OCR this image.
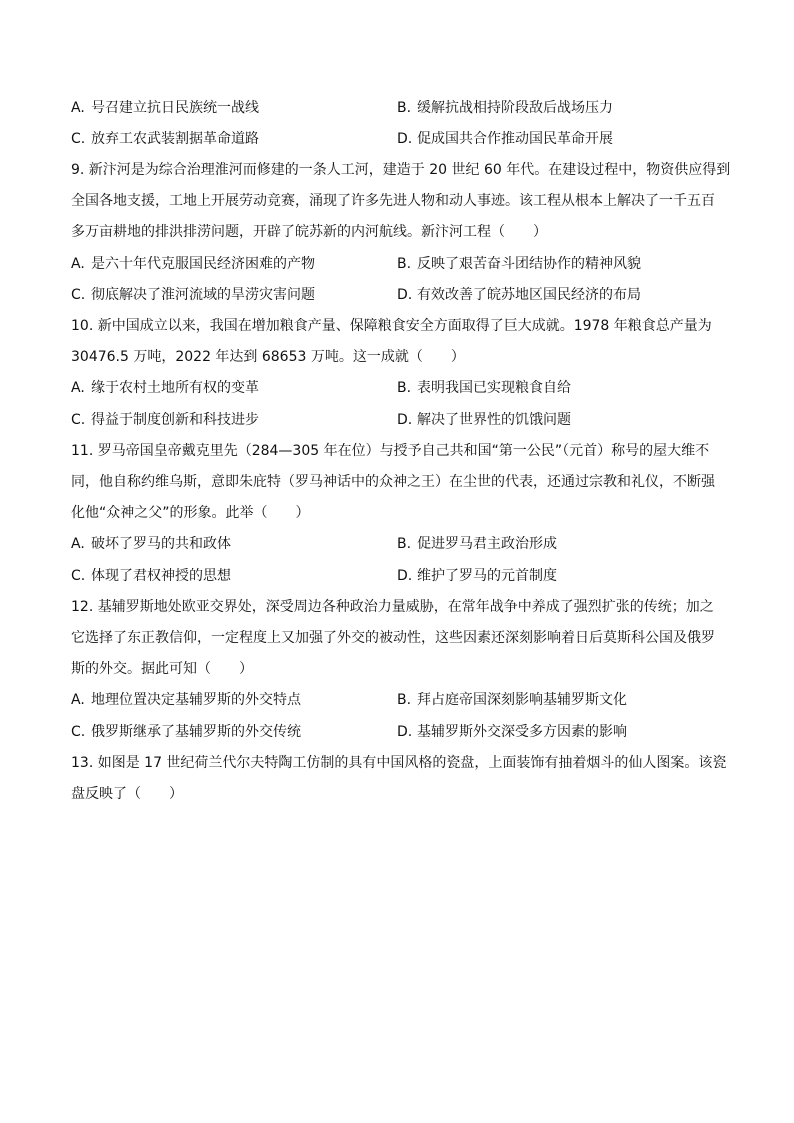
A. 号召建立抗日民族统一战线	B. 缓解抗战相持阶段敌后战场压力
C. 放弃工农武装割据革命道路	D. 促成国共合作推动国民革命开展
9. 新汴河是为综合治理淮河而修建的一条人工河，建造于 20 世纪 60 年代。在建设过程中，物资供应得到
全国各地支援，工地上开展劳动竞赛，涌现了许多先进人物和动人事迹。该工程从根本上解决了一千五百
多万亩耕地的排洪排涝问题，开辟了皖苏新的内河航线。新汴河工程（　　）
A. 是六十年代克服国民经济困难的产物	B. 反映了艰苦奋斗团结协作的精神风貌
C. 彻底解决了淮河流域的旱涝灾害问题	D. 有效改善了皖苏地区国民经济的布局
10. 新中国成立以来，我国在增加粮食产量、保障粮食安全方面取得了巨大成就。1978 年粮食总产量为
30476.5 万吨，2022 年达到 68653 万吨。这一成就（　　）
A. 缘于农村土地所有权的变革	B. 表明我国已实现粮食自给
C. 得益于制度创新和科技进步	D. 解决了世界性的饥饿问题
11. 罗马帝国皇帝戴克里先（284—305 年在位）与授予自己共和国“第一公民”（元首）称号的屋大维不
同，他自称约维乌斯，意即朱庇特（罗马神话中的众神之王）在尘世的代表，还通过宗教和礼仪，不断强
化他“众神之父”的形象。此举（　　）
A. 破坏了罗马的共和政体	B. 促进罗马君主政治形成
C. 体现了君权神授的思想	D. 维护了罗马的元首制度
12. 基辅罗斯地处欧亚交界处，深受周边各种政治力量威胁，在常年战争中养成了强烈扩张的传统；加之
它选择了东正教信仰，一定程度上又加强了外交的被动性，这些因素还深刻影响着日后莫斯科公国及俄罗
斯的外交。据此可知（　　）
A. 地理位置决定基辅罗斯的外交特点	B. 拜占庭帝国深刻影响基辅罗斯文化
C. 俄罗斯继承了基辅罗斯的外交传统	D. 基辅罗斯外交深受多方因素的影响
13. 如图是 17 世纪荷兰代尔夫特陶工仿制的具有中国风格的瓷盘，上面装饰有抽着烟斗的仙人图案。该瓷
盘反映了（　　）
